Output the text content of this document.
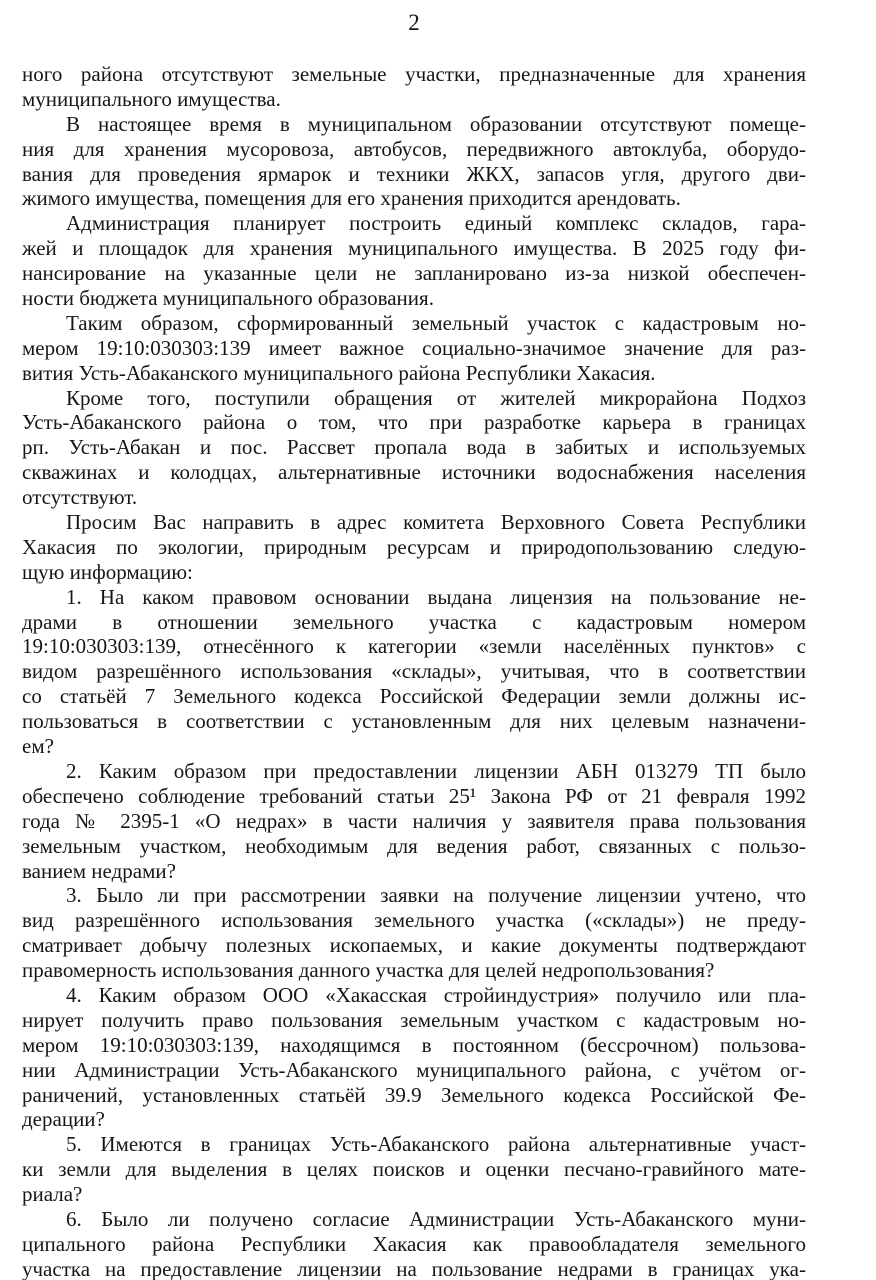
2
ного района отсутствуют земельные участки, предназначенные для хранения
муниципального имущества.
В настоящее время в муниципальном образовании отсутствуют помеще-
ния для хранения мусоровоза, автобусов, передвижного автоклуба, оборудо-
вания для проведения ярмарок и техники ЖКХ, запасов угля, другого дви-
жимого имущества, помещения для его хранения приходится арендовать.
Администрация планирует построить единый комплекс складов, гара-
жей и площадок для хранения муниципального имущества. В 2025 году фи-
нансирование на указанные цели не запланировано из-за низкой обеспечен-
ности бюджета муниципального образования.
Таким образом, сформированный земельный участок с кадастровым но-
мером 19:10:030303:139 имеет важное социально-значимое значение для раз-
вития Усть-Абаканского муниципального района Республики Хакасия.
Кроме того, поступили обращения от жителей микрорайона Подхоз
Усть-Абаканского района о том, что при разработке карьера в границах
рп. Усть-Абакан и пос. Рассвет пропала вода в забитых и используемых
скважинах и колодцах, альтернативные источники водоснабжения населения
отсутствуют.
Просим Вас направить в адрес комитета Верховного Совета Республики
Хакасия по экологии, природным ресурсам и природопользованию следую-
щую информацию:
1. На каком правовом основании выдана лицензия на пользование не-
драми в отношении земельного участка с кадастровым номером
19:10:030303:139, отнесённого к категории «земли населённых пунктов» с
видом разрешённого использования «склады», учитывая, что в соответствии
со статьёй 7 Земельного кодекса Российской Федерации земли должны ис-
пользоваться в соответствии с установленным для них целевым назначени-
ем?
2. Каким образом при предоставлении лицензии АБН 013279 ТП было
обеспечено соблюдение требований статьи 25¹ Закона РФ от 21 февраля 1992
года № 2395-1 «О недрах» в части наличия у заявителя права пользования
земельным участком, необходимым для ведения работ, связанных с пользо-
ванием недрами?
3. Было ли при рассмотрении заявки на получение лицензии учтено, что
вид разрешённого использования земельного участка («склады») не преду-
сматривает добычу полезных ископаемых, и какие документы подтверждают
правомерность использования данного участка для целей недропользования?
4. Каким образом ООО «Хакасская стройиндустрия» получило или пла-
нирует получить право пользования земельным участком с кадастровым но-
мером 19:10:030303:139, находящимся в постоянном (бессрочном) пользова-
нии Администрации Усть-Абаканского муниципального района, с учётом ог-
раничений, установленных статьёй 39.9 Земельного кодекса Российской Фе-
дерации?
5. Имеются в границах Усть-Абаканского района альтернативные участ-
ки земли для выделения в целях поисков и оценки песчано-гравийного мате-
риала?
6. Было ли получено согласие Администрации Усть-Абаканского муни-
ципального района Республики Хакасия как правообладателя земельного
участка на предоставление лицензии на пользование недрами в границах ука-
